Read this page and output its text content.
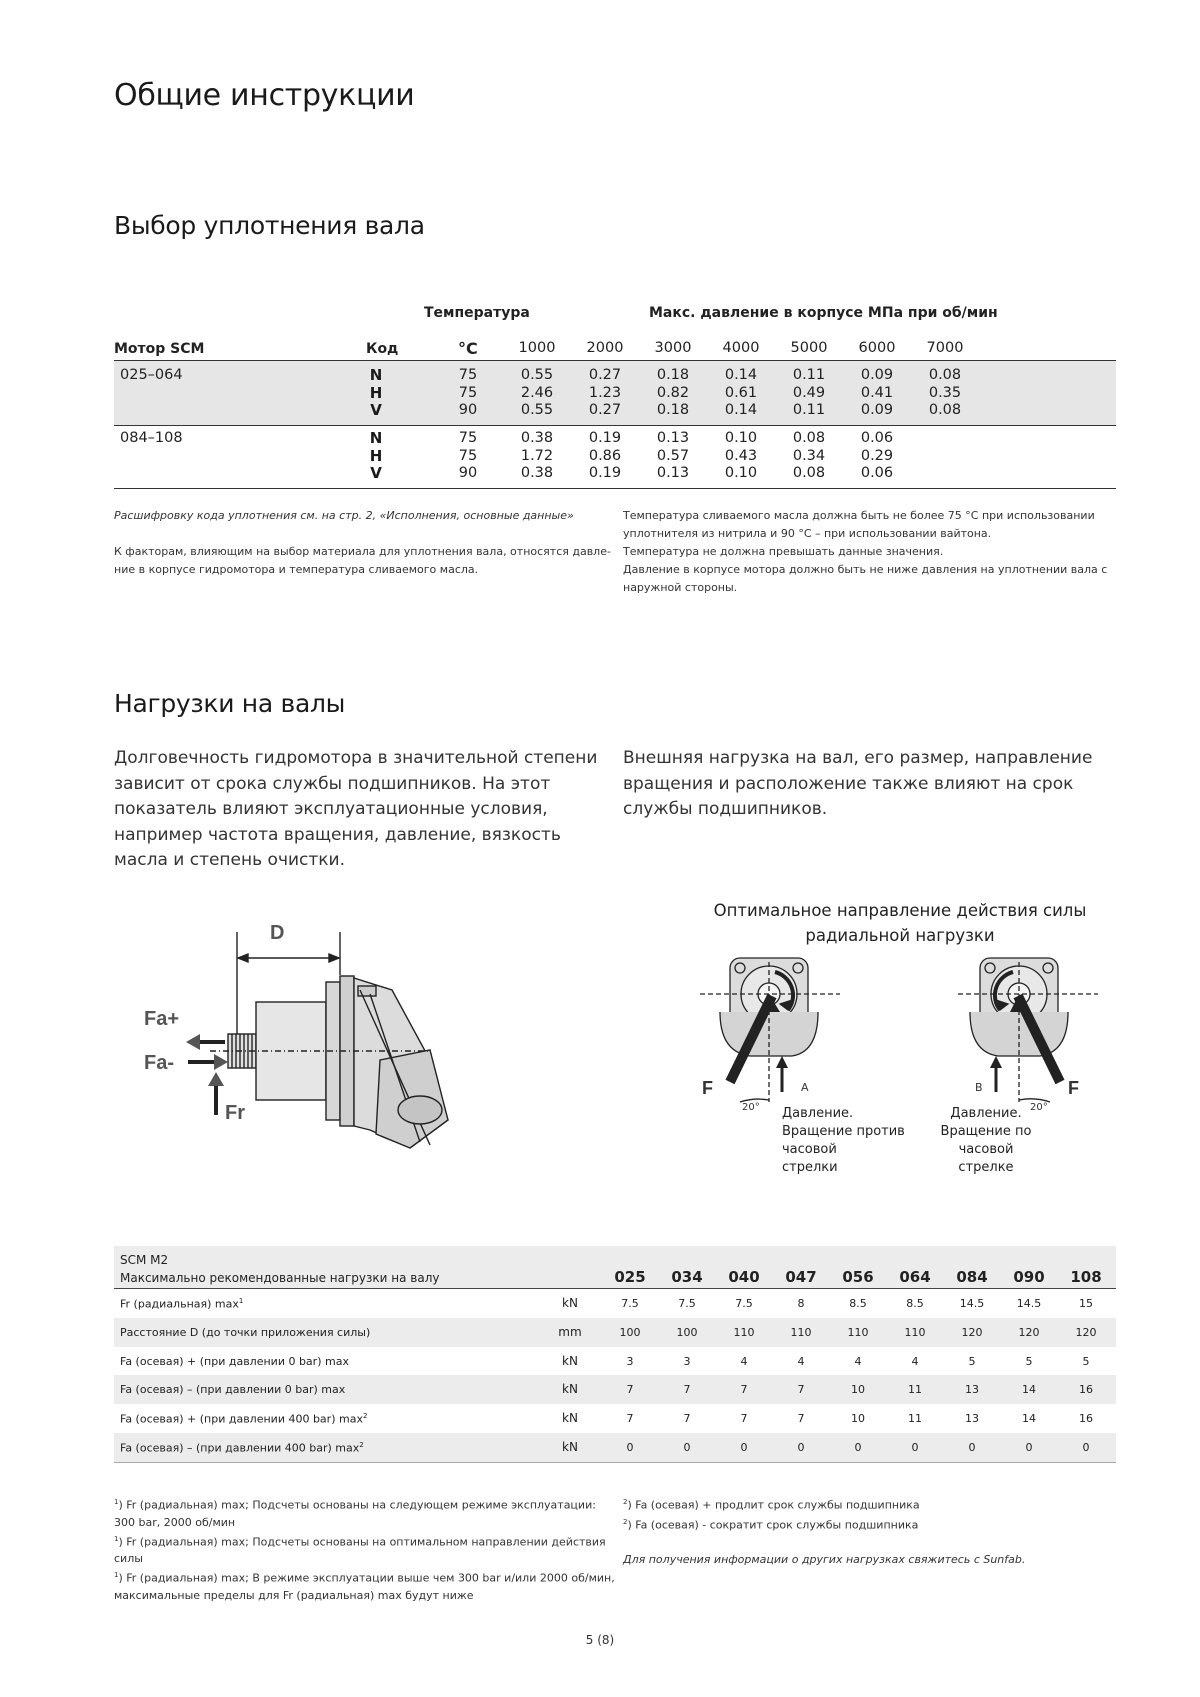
Общие инструкции
Выбор уплотнения вала
Температура	Макс. давление в корпусе МПа при об/мин
Мотор SCM	Код	°C
Расшифровку кода уплотнения см. на стр. 2, «Исполнения, основные данные»
К факторам, влияющим на выбор материала для уплотнения вала, относятся давле-
ние в корпусе гидромотора и температура сливаемого масла.
Температура сливаемого масла должна быть не более 75 °C при использовании
уплотнителя из нитрила и 90 °C – при использовании вайтона.
Температура не должна превышать данные значения.
Давление в корпусе мотора должно быть не ниже давления на уплотнении вала с
наружной стороны.
Нагрузки на валы
Долговечность гидромотора в значительной степени зависит от срока службы подшипников. На этот показатель влияют эксплуатационные условия, например частота вращения, давление, вязкость масла и степень очистки.
Внешняя нагрузка на вал, его размер, направление вращения и расположение также влияют на срок службы подшипников.
D
Fa+
Fa-
Fr
Оптимальное направление действия силы
радиальной нагрузки
F	A
20° Давление.
Вращение против
часовой
стрелки
F
B
20°
Давление.
Вращение по
часовой
стрелке
SCM M2
Максимально рекомендованные нагрузки на валу
$^1$) Fr (радиальная) max; Подсчеты основаны на следующем режиме эксплуатации:
300 bar, 2000 об/мин
$^1$) Fr (радиальная) max; Подсчеты основаны на оптимальном направлении действия
силы
$^1$) Fr (радиальная) max; В режиме эксплуатации выше чем 300 bar и/или 2000 об/мин,
максимальные пределы для Fr (радиальная) max будут ниже
$^2$) Fa (осевая) + продлит срок службы подшипника
$^2$) Fa (осевая) - сократит срок службы подшипника
Для получения информации о других нагрузках свяжитесь с Sunfab.
5 (8)
1000	2000	3000	4000	5000	6000	7000
025–064	N	75	0.55	0.27	0.18	0.14	0.11	0.09	0.08
H	75	2.46	1.23	0.82	0.61	0.49	0.41	0.35
V	90	0.55	0.27	0.18	0.14	0.11	0.09	0.08
084–108	N	75	0.38	0.19	0.13	0.10	0.08	0.06
H	75	1.72	0.86	0.57	0.43	0.34	0.29
V	90	0.38	0.19	0.13	0.10	0.08	0.06
025	034	040	047	056	064	084	090	108
Fr (радиальная) $\max^1$	kN	7.5	7.5	7.5	8	8.5	8.5	14.5	14.5	15
Расстояние D (до точки приложения силы)	mm	100	100	110	110	110	110	120	120	120
Fa (осевая) + (при давлении 0 bar) max	kN	3	3	4	4	4	4	5	5	5
Fa (осевая) – (при давлении 0 bar) max	kN	7	7	7	7	10	11	13	14	16
Fa (осевая) + (при давлении 400 bar) $\max^2$	kN	7	7	7	7	10	11	13	14	16
Fa (осевая) – (при давлении 400 bar) $\max^2$	kN	0	0	0	0	0	0	0	0	0
